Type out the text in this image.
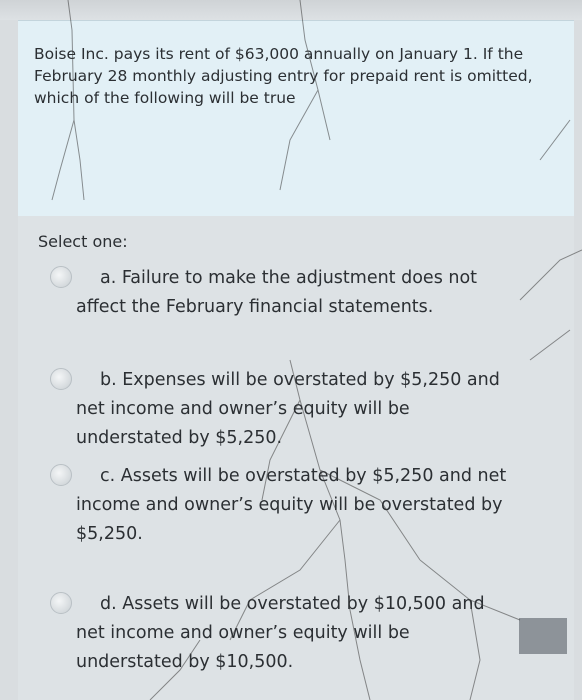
Boise Inc. pays its rent of $63,000 annually on January 1. If the February 28 monthly adjusting entry for prepaid rent is omitted, which of the following will be true

Select one:
a. Failure to make the adjustment does not affect the February financial statements.
b. Expenses will be overstated by $5,250 and net income and owner’s equity will be understated by $5,250.
c. Assets will be overstated by $5,250 and net income and owner’s equity will be overstated by $5,250.
d. Assets will be overstated by $10,500 and net income and owner’s equity will be understated by $10,500.
